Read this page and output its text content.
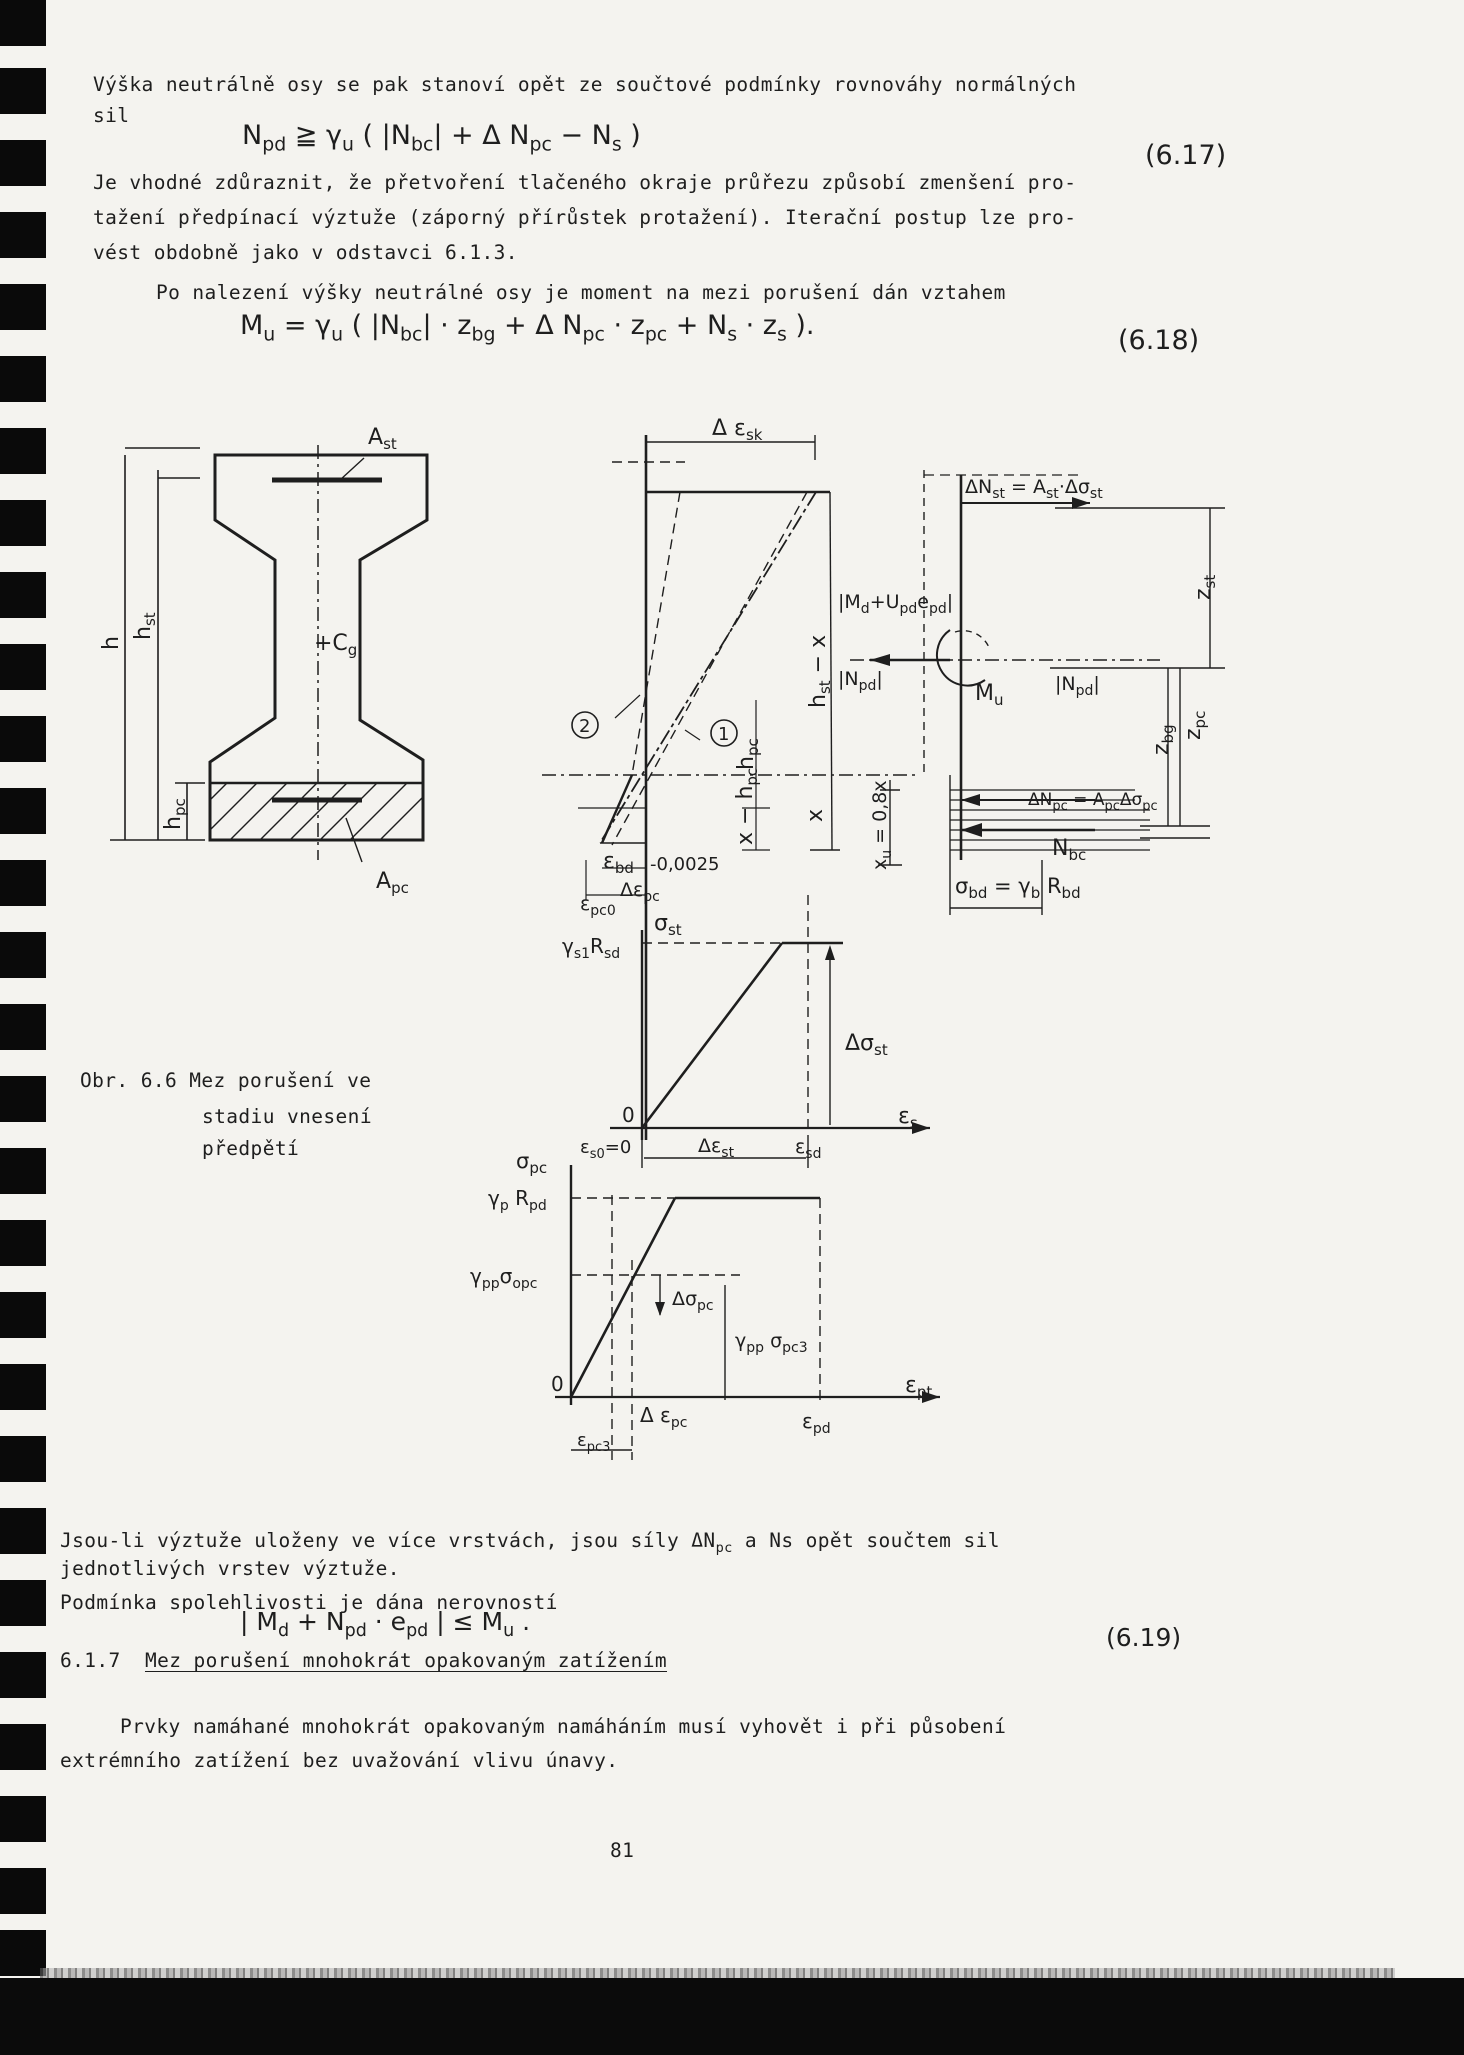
Výška neutrálně osy se pak stanoví opět ze součtové podmínky rovnováhy normálných
sil
$N_{pd}$ ≧ $\gamma_u$ ( $|N_{bc}| + \Delta$ $N_{pc} - N_s$ )
(6.17)
Je vhodné zdůraznit, že přetvoření tlačeného okraje průřezu způsobí zmenšení pro-
tažení předpínací výztuže (záporný přírůstek protažení). Iterační postup lze pro-
vést obdobně jako v odstavci 6.1.3.
Po nalezení výšky neutrálné osy je moment na mezi porušení dán vztahem
$M_u = \gamma_u$ ( $|N_{bc}| \cdot z_{bg} + \Delta$ $N_{pc} \cdot z_{pc} + N_s \cdot z_s$ ).	(6.18)
$A_{st}$
h
$h_{st}$
$+C_g$
$h_{pc}$
$A_{pc}$
Δ $\varepsilon_{sk}$
$h_{st} - x$
$h_{pc}$
$x - h_{pc}$
x
$\varepsilon_{bd}$ -0,0025
$\Delta\varepsilon_{pc}$
$\varepsilon_{pc0}$
2	1
$\Delta N_{st} = A_{st}\cdot\Delta\sigma_{st}$
$|M_d+U_{pd}e_{pd}|$
$|N_{pd}|$
$M_u$
$|N_{pd}|$
$z_{st}$
$z_{bg}$ $z_{pc}$
$x_u = 0,8x$	$\Delta N_{pc} = A_{pc}\Delta\sigma_{pc}$
$N_{bc}$
$\sigma_{bd} = \gamma_b$ $R_{bd}$
$\sigma_{st}$
$\gamma_{s1}R_{sd}$
$\Delta\sigma_{st}$
0	$\varepsilon_s$
$\varepsilon_{s0}=0$	$\Delta\varepsilon_{st}$	$\varepsilon_{sd}$
$\sigma_{pc}$
$\gamma_p$ $R_{pd}$
$\gamma_{pp}\sigma_{opc}$
$\Delta\sigma_{pc}$
$\gamma_{pp}$ $\sigma_{pc3}$
0	$\varepsilon_{pt}$
$\varepsilon_{pc3}$
Δ $\varepsilon_{pc}$	$\varepsilon_{pd}$
Obr. 6.6 Mez porušení ve
stadiu vnesení
předpětí
Jsou-li výztuže uloženy ve více vrstvách, jsou síly $\Delta N_{pc}$ a Ns opět součtem sil
jednotlivých vrstev výztuže.
Podmínka spolehlivosti je dána nerovností
| $M_d + N_{pd} \cdot e_{pd}$ | ≤ $M_u$ .
(6.19)
6.1.7 Mez porušení mnohokrát opakovaným zatížením
Prvky namáhané mnohokrát opakovaným namáháním musí vyhovět i při působení
extrémního zatížení bez uvažování vlivu únavy.
81
